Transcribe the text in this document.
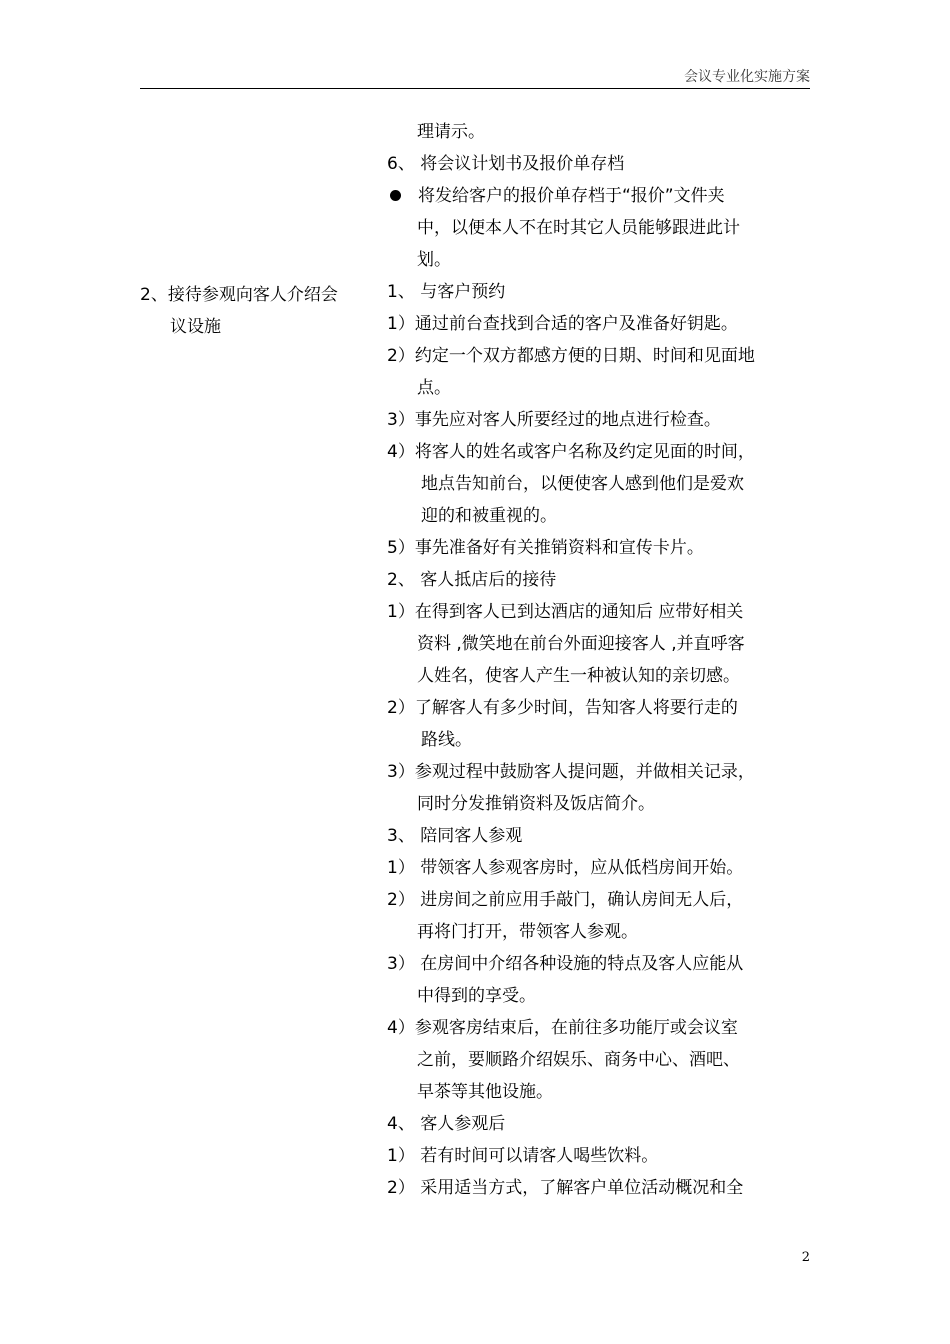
会议专业化实施方案
2、接待参观向客人介绍会
议设施
理请示。
6、 将会议计划书及报价单存档
将发给客户的报价单存档于“报价”文件夹
中，以便本人不在时其它人员能够跟进此计
划。
1、 与客户预约
1）通过前台查找到合适的客户及准备好钥匙。
2）约定一个双方都感方便的日期、时间和见面地
点。
3）事先应对客人所要经过的地点进行检查。
4）将客人的姓名或客户名称及约定见面的时间，
地点告知前台，以便使客人感到他们是爱欢
迎的和被重视的。
5）事先准备好有关推销资料和宣传卡片。
2、 客人抵店后的接待
1）在得到客人已到达酒店的通知后 应带好相关
资料 ,微笑地在前台外面迎接客人 ,并直呼客
人姓名，使客人产生一种被认知的亲切感。
2）了解客人有多少时间，告知客人将要行走的
路线。
3）参观过程中鼓励客人提问题，并做相关记录，
同时分发推销资料及饭店简介。
3、 陪同客人参观
1） 带领客人参观客房时，应从低档房间开始。
2） 进房间之前应用手敲门，确认房间无人后，
再将门打开，带领客人参观。
3） 在房间中介绍各种设施的特点及客人应能从
中得到的享受。
4）参观客房结束后，在前往多功能厅或会议室
之前，要顺路介绍娱乐、商务中心、酒吧、
早茶等其他设施。
4、 客人参观后
1） 若有时间可以请客人喝些饮料。
2） 采用适当方式，了解客户单位活动概况和全
2
